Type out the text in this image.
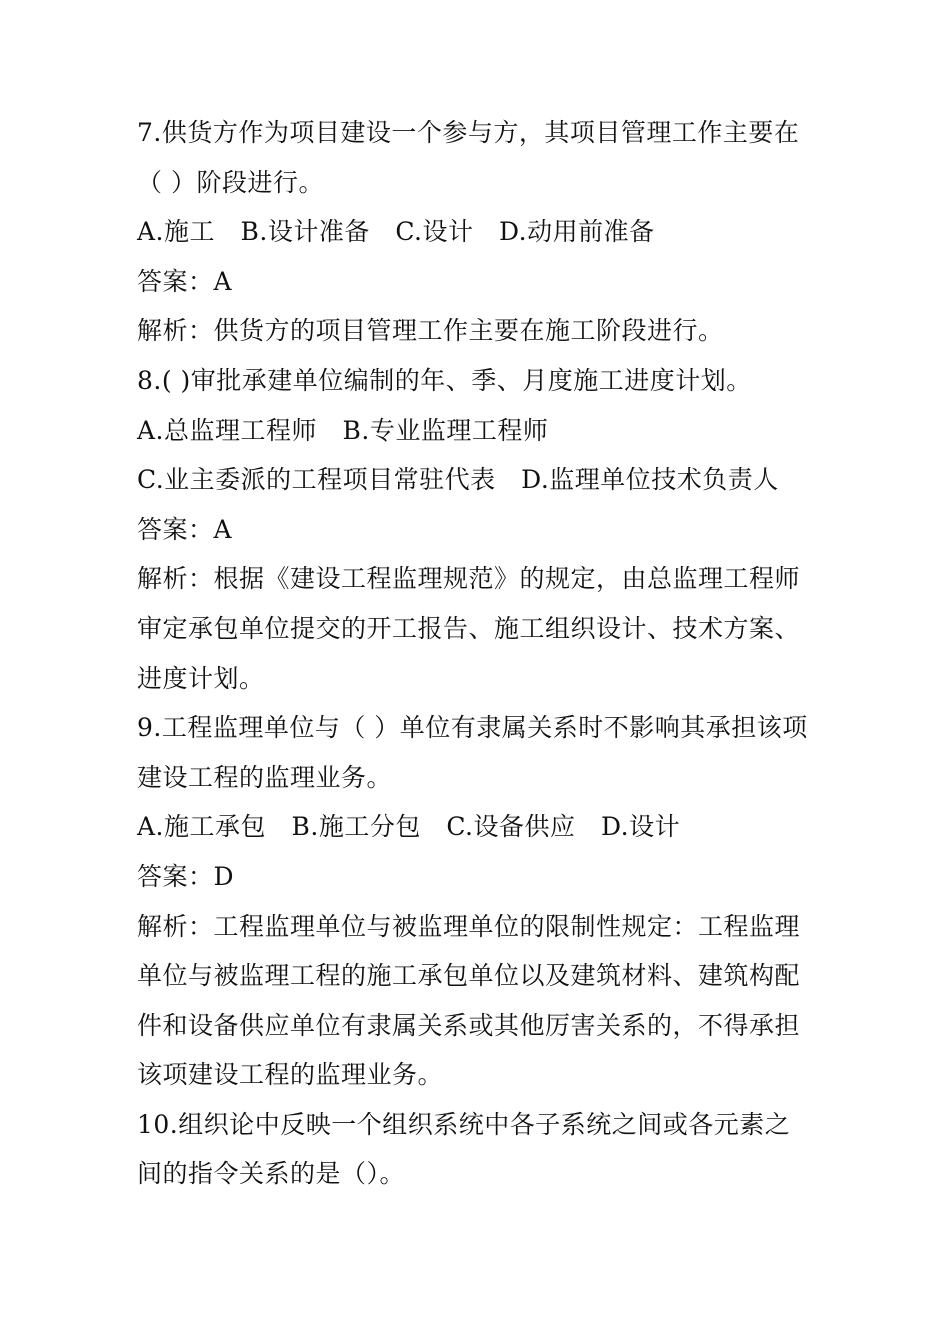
7.供货方作为项目建设一个参与方，其项目管理工作主要在
（ ）阶段进行。
A.施工　B.设计准备　C.设计　D.动用前准备
答案：A
解析：供货方的项目管理工作主要在施工阶段进行。
8.( )审批承建单位编制的年、季、月度施工进度计划。
A.总监理工程师　B.专业监理工程师
C.业主委派的工程项目常驻代表　D.监理单位技术负责人
答案：A
解析：根据《建设工程监理规范》的规定，由总监理工程师
审定承包单位提交的开工报告、施工组织设计、技术方案、
进度计划。
9.工程监理单位与（ ）单位有隶属关系时不影响其承担该项
建设工程的监理业务。
A.施工承包　B.施工分包　C.设备供应　D.设计
答案：D
解析：工程监理单位与被监理单位的限制性规定：工程监理
单位与被监理工程的施工承包单位以及建筑材料、建筑构配
件和设备供应单位有隶属关系或其他厉害关系的，不得承担
该项建设工程的监理业务。
10.组织论中反映一个组织系统中各子系统之间或各元素之
间的指令关系的是（）。
